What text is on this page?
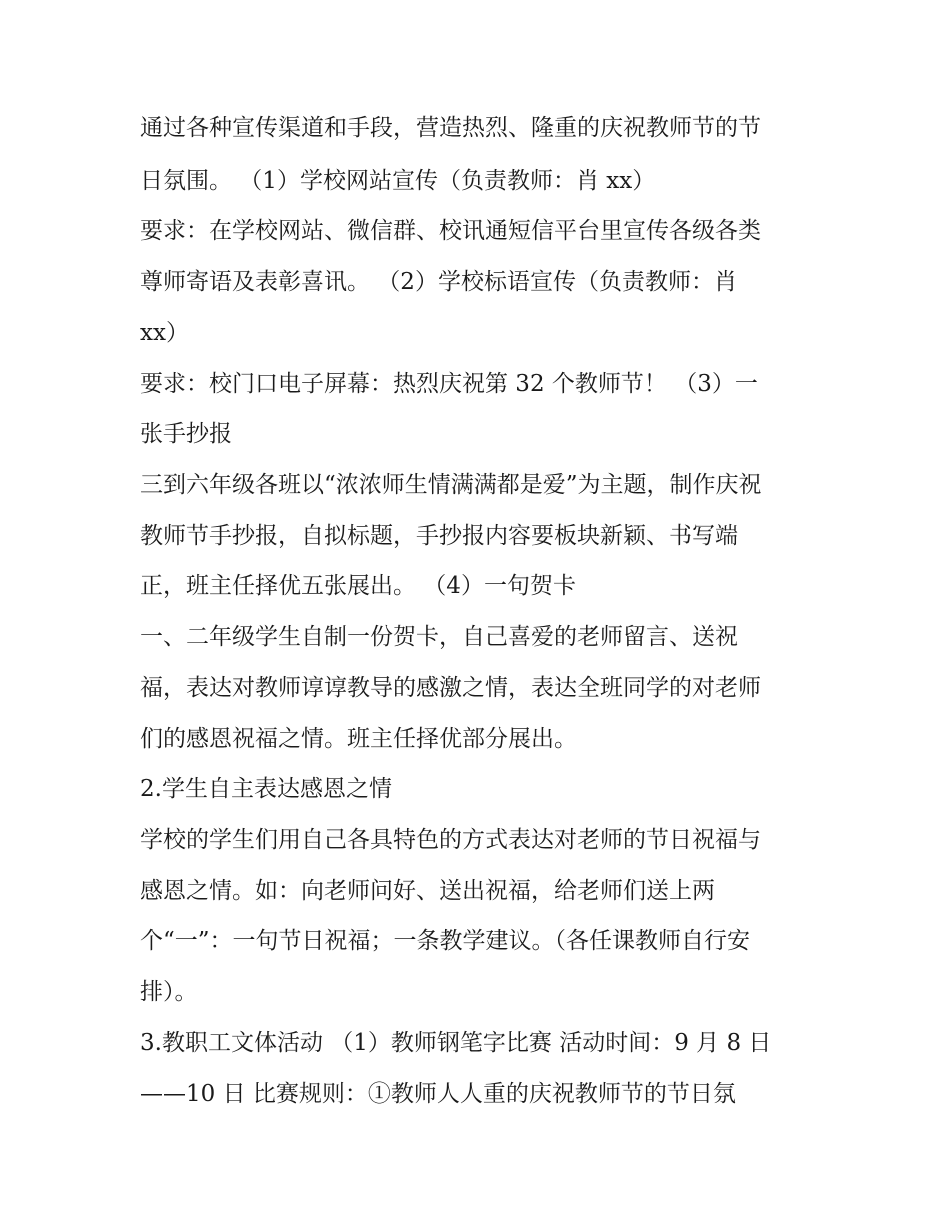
通过各种宣传渠道和手段，营造热烈、隆重的庆祝教师节的节
日氛围。 （1）学校网站宣传（负责教师：肖 xx）
要求：在学校网站、微信群、校讯通短信平台里宣传各级各类
尊师寄语及表彰喜讯。 （2）学校标语宣传（负责教师：肖
xx）
要求：校门口电子屏幕：热烈庆祝第 32 个教师节！ （3）一
张手抄报
三到六年级各班以“浓浓师生情满满都是爱”为主题，制作庆祝
教师节手抄报，自拟标题，手抄报内容要板块新颖、书写端
正，班主任择优五张展出。 （4）一句贺卡
一、二年级学生自制一份贺卡，自己喜爱的老师留言、送祝
福，表达对教师谆谆教导的感激之情，表达全班同学的对老师
们的感恩祝福之情。班主任择优部分展出。
2.学生自主表达感恩之情
学校的学生们用自己各具特色的方式表达对老师的节日祝福与
感恩之情。如：向老师问好、送出祝福，给老师们送上两
个“一”：一句节日祝福；一条教学建议。（各任课教师自行安
排）。
3.教职工文体活动 （1）教师钢笔字比赛 活动时间：9 月 8 日
——10 日 比赛规则：①教师人人重的庆祝教师节的节日氛
